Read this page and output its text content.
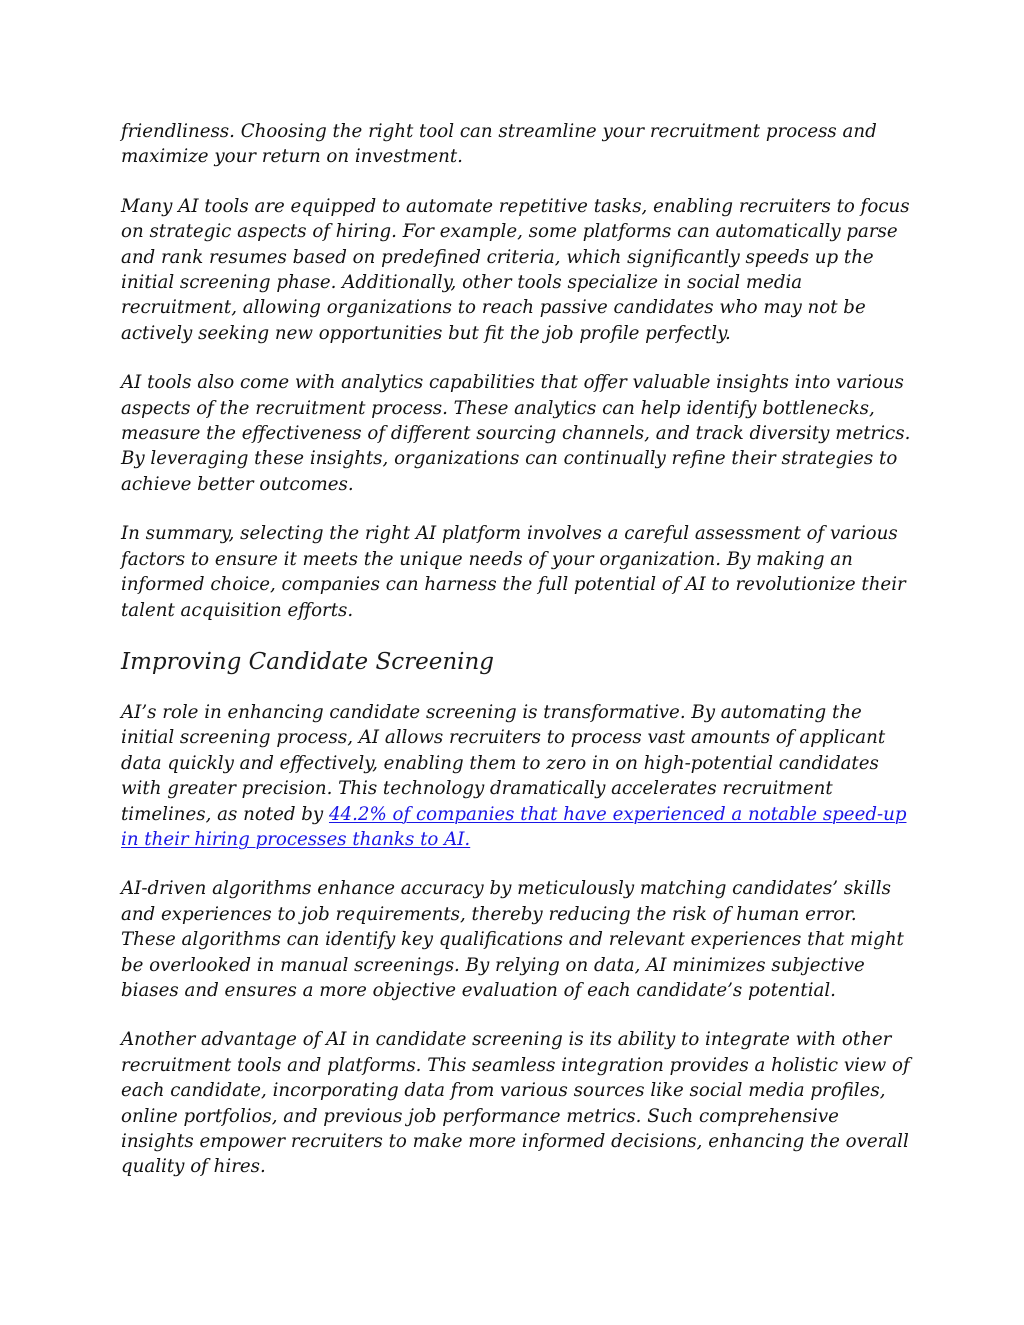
friendliness. Choosing the right tool can streamline your recruitment process and maximize your return on investment.

Many AI tools are equipped to automate repetitive tasks, enabling recruiters to focus on strategic aspects of hiring. For example, some platforms can automatically parse and rank resumes based on predefined criteria, which significantly speeds up the initial screening phase. Additionally, other tools specialize in social media recruitment, allowing organizations to reach passive candidates who may not be actively seeking new opportunities but fit the job profile perfectly.

AI tools also come with analytics capabilities that offer valuable insights into various aspects of the recruitment process. These analytics can help identify bottlenecks, measure the effectiveness of different sourcing channels, and track diversity metrics. By leveraging these insights, organizations can continually refine their strategies to achieve better outcomes.

In summary, selecting the right AI platform involves a careful assessment of various factors to ensure it meets the unique needs of your organization. By making an informed choice, companies can harness the full potential of AI to revolutionize their talent acquisition efforts.

Improving Candidate Screening

AI’s role in enhancing candidate screening is transformative. By automating the initial screening process, AI allows recruiters to process vast amounts of applicant data quickly and effectively, enabling them to zero in on high-potential candidates with greater precision. This technology dramatically accelerates recruitment timelines, as noted by 44.2% of companies that have experienced a notable speed-up in their hiring processes thanks to AI.

AI-driven algorithms enhance accuracy by meticulously matching candidates’ skills and experiences to job requirements, thereby reducing the risk of human error. These algorithms can identify key qualifications and relevant experiences that might be overlooked in manual screenings. By relying on data, AI minimizes subjective biases and ensures a more objective evaluation of each candidate’s potential.

Another advantage of AI in candidate screening is its ability to integrate with other recruitment tools and platforms. This seamless integration provides a holistic view of each candidate, incorporating data from various sources like social media profiles, online portfolios, and previous job performance metrics. Such comprehensive insights empower recruiters to make more informed decisions, enhancing the overall quality of hires.
